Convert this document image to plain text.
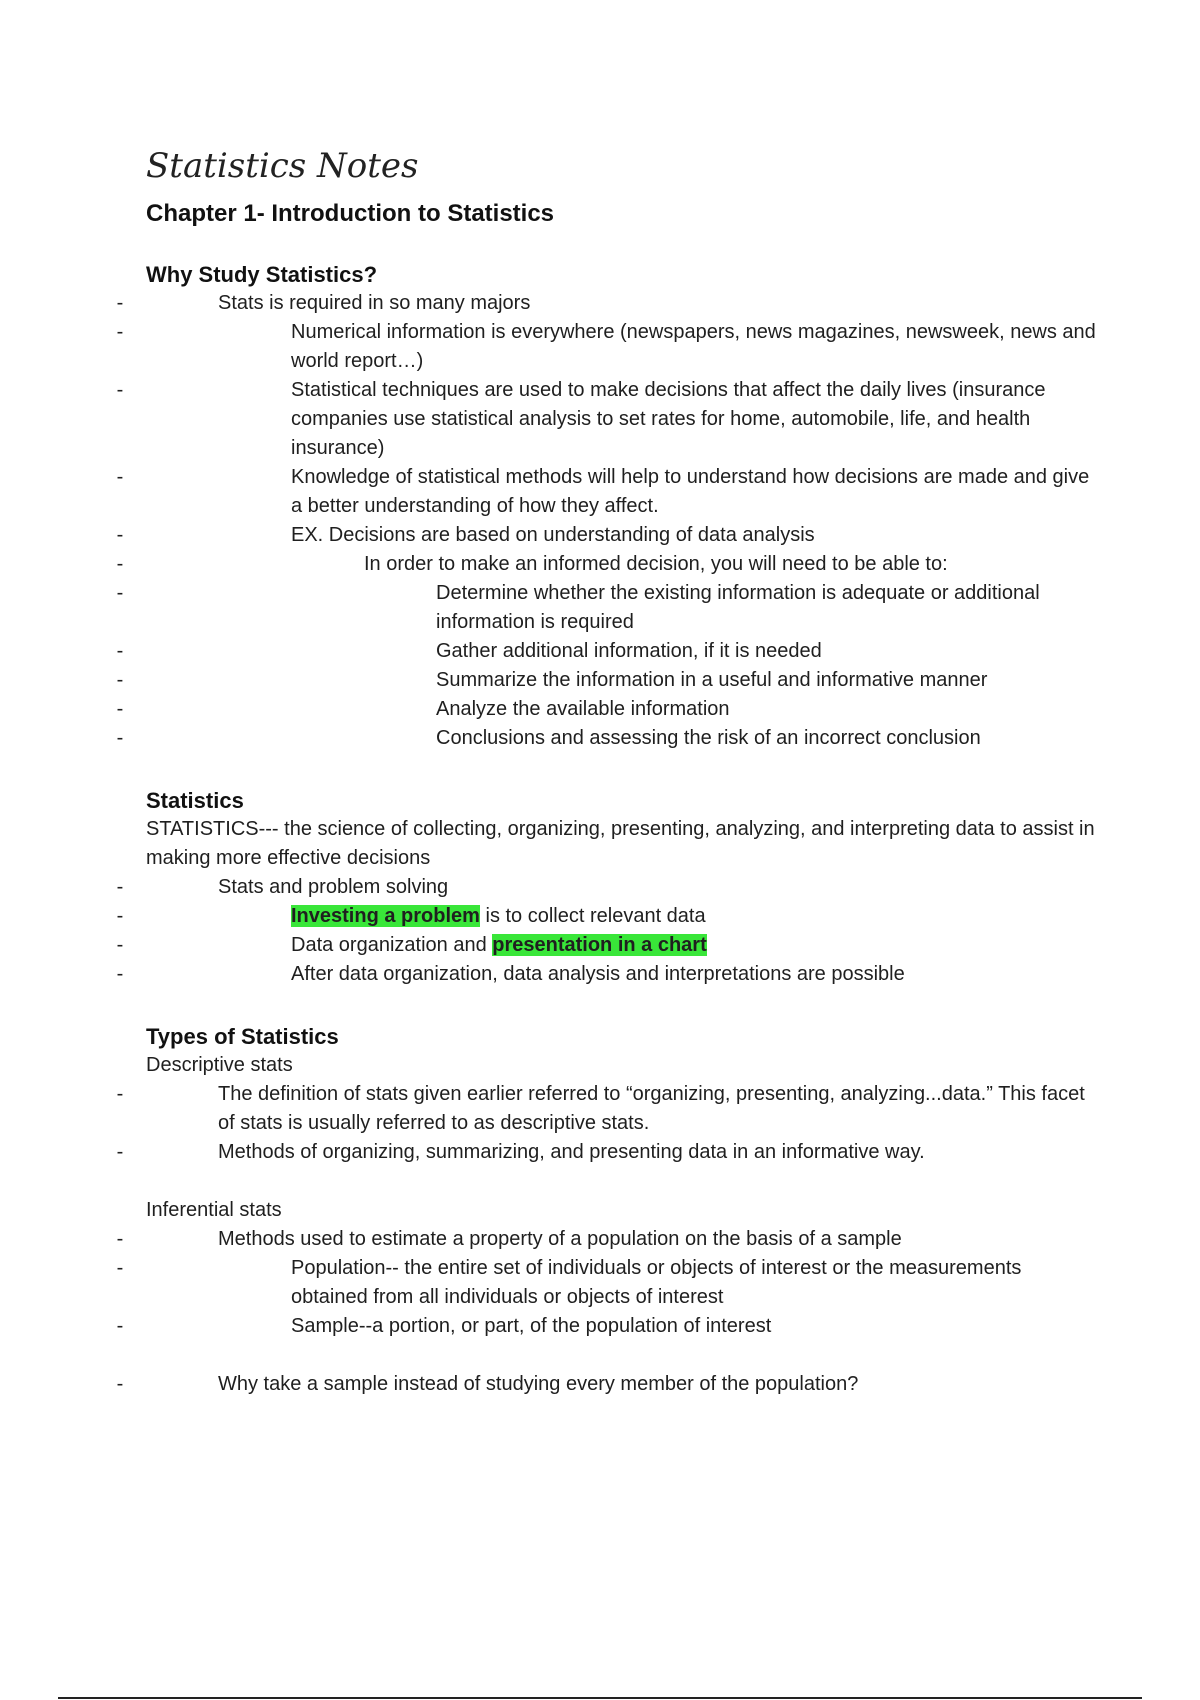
Statistics Notes
Chapter 1- Introduction to Statistics
Why Study Statistics?
-	Stats is required in so many majors
-	Numerical information is everywhere (newspapers, news magazines, newsweek, news and world report…)
-	Statistical techniques are used to make decisions that affect the daily lives (insurance companies use statistical analysis to set rates for home, automobile, life, and health insurance)
-	Knowledge of statistical methods will help to understand how decisions are made and give a better understanding of how they affect.
-	EX. Decisions are based on understanding of data analysis
-	In order to make an informed decision, you will need to be able to:
-	Determine whether the existing information is adequate or additional information is required
-	Gather additional information, if it is needed
-	Summarize the information in a useful and informative manner
-	Analyze the available information
-	Conclusions and assessing the risk of an incorrect conclusion
Statistics

STATISTICS--- the science of collecting, organizing, presenting, analyzing, and interpreting data to assist in making more effective decisions

-	Stats and problem solving
-	Investing a problem is to collect relevant data
-	Data organization and presentation in a chart
-	After data organization, data analysis and interpretations are possible
Types of Statistics

Descriptive stats

-	The definition of stats given earlier referred to “organizing, presenting, analyzing...data.” This facet of stats is usually referred to as descriptive stats.
-	Methods of organizing, summarizing, and presenting data in an informative way.

Inferential stats

-	Methods used to estimate a property of a population on the basis of a sample
-	Population-- the entire set of individuals or objects of interest or the measurements obtained from all individuals or objects of interest
-	Sample--a portion, or part, of the population of interest
-	Why take a sample instead of studying every member of the population?
